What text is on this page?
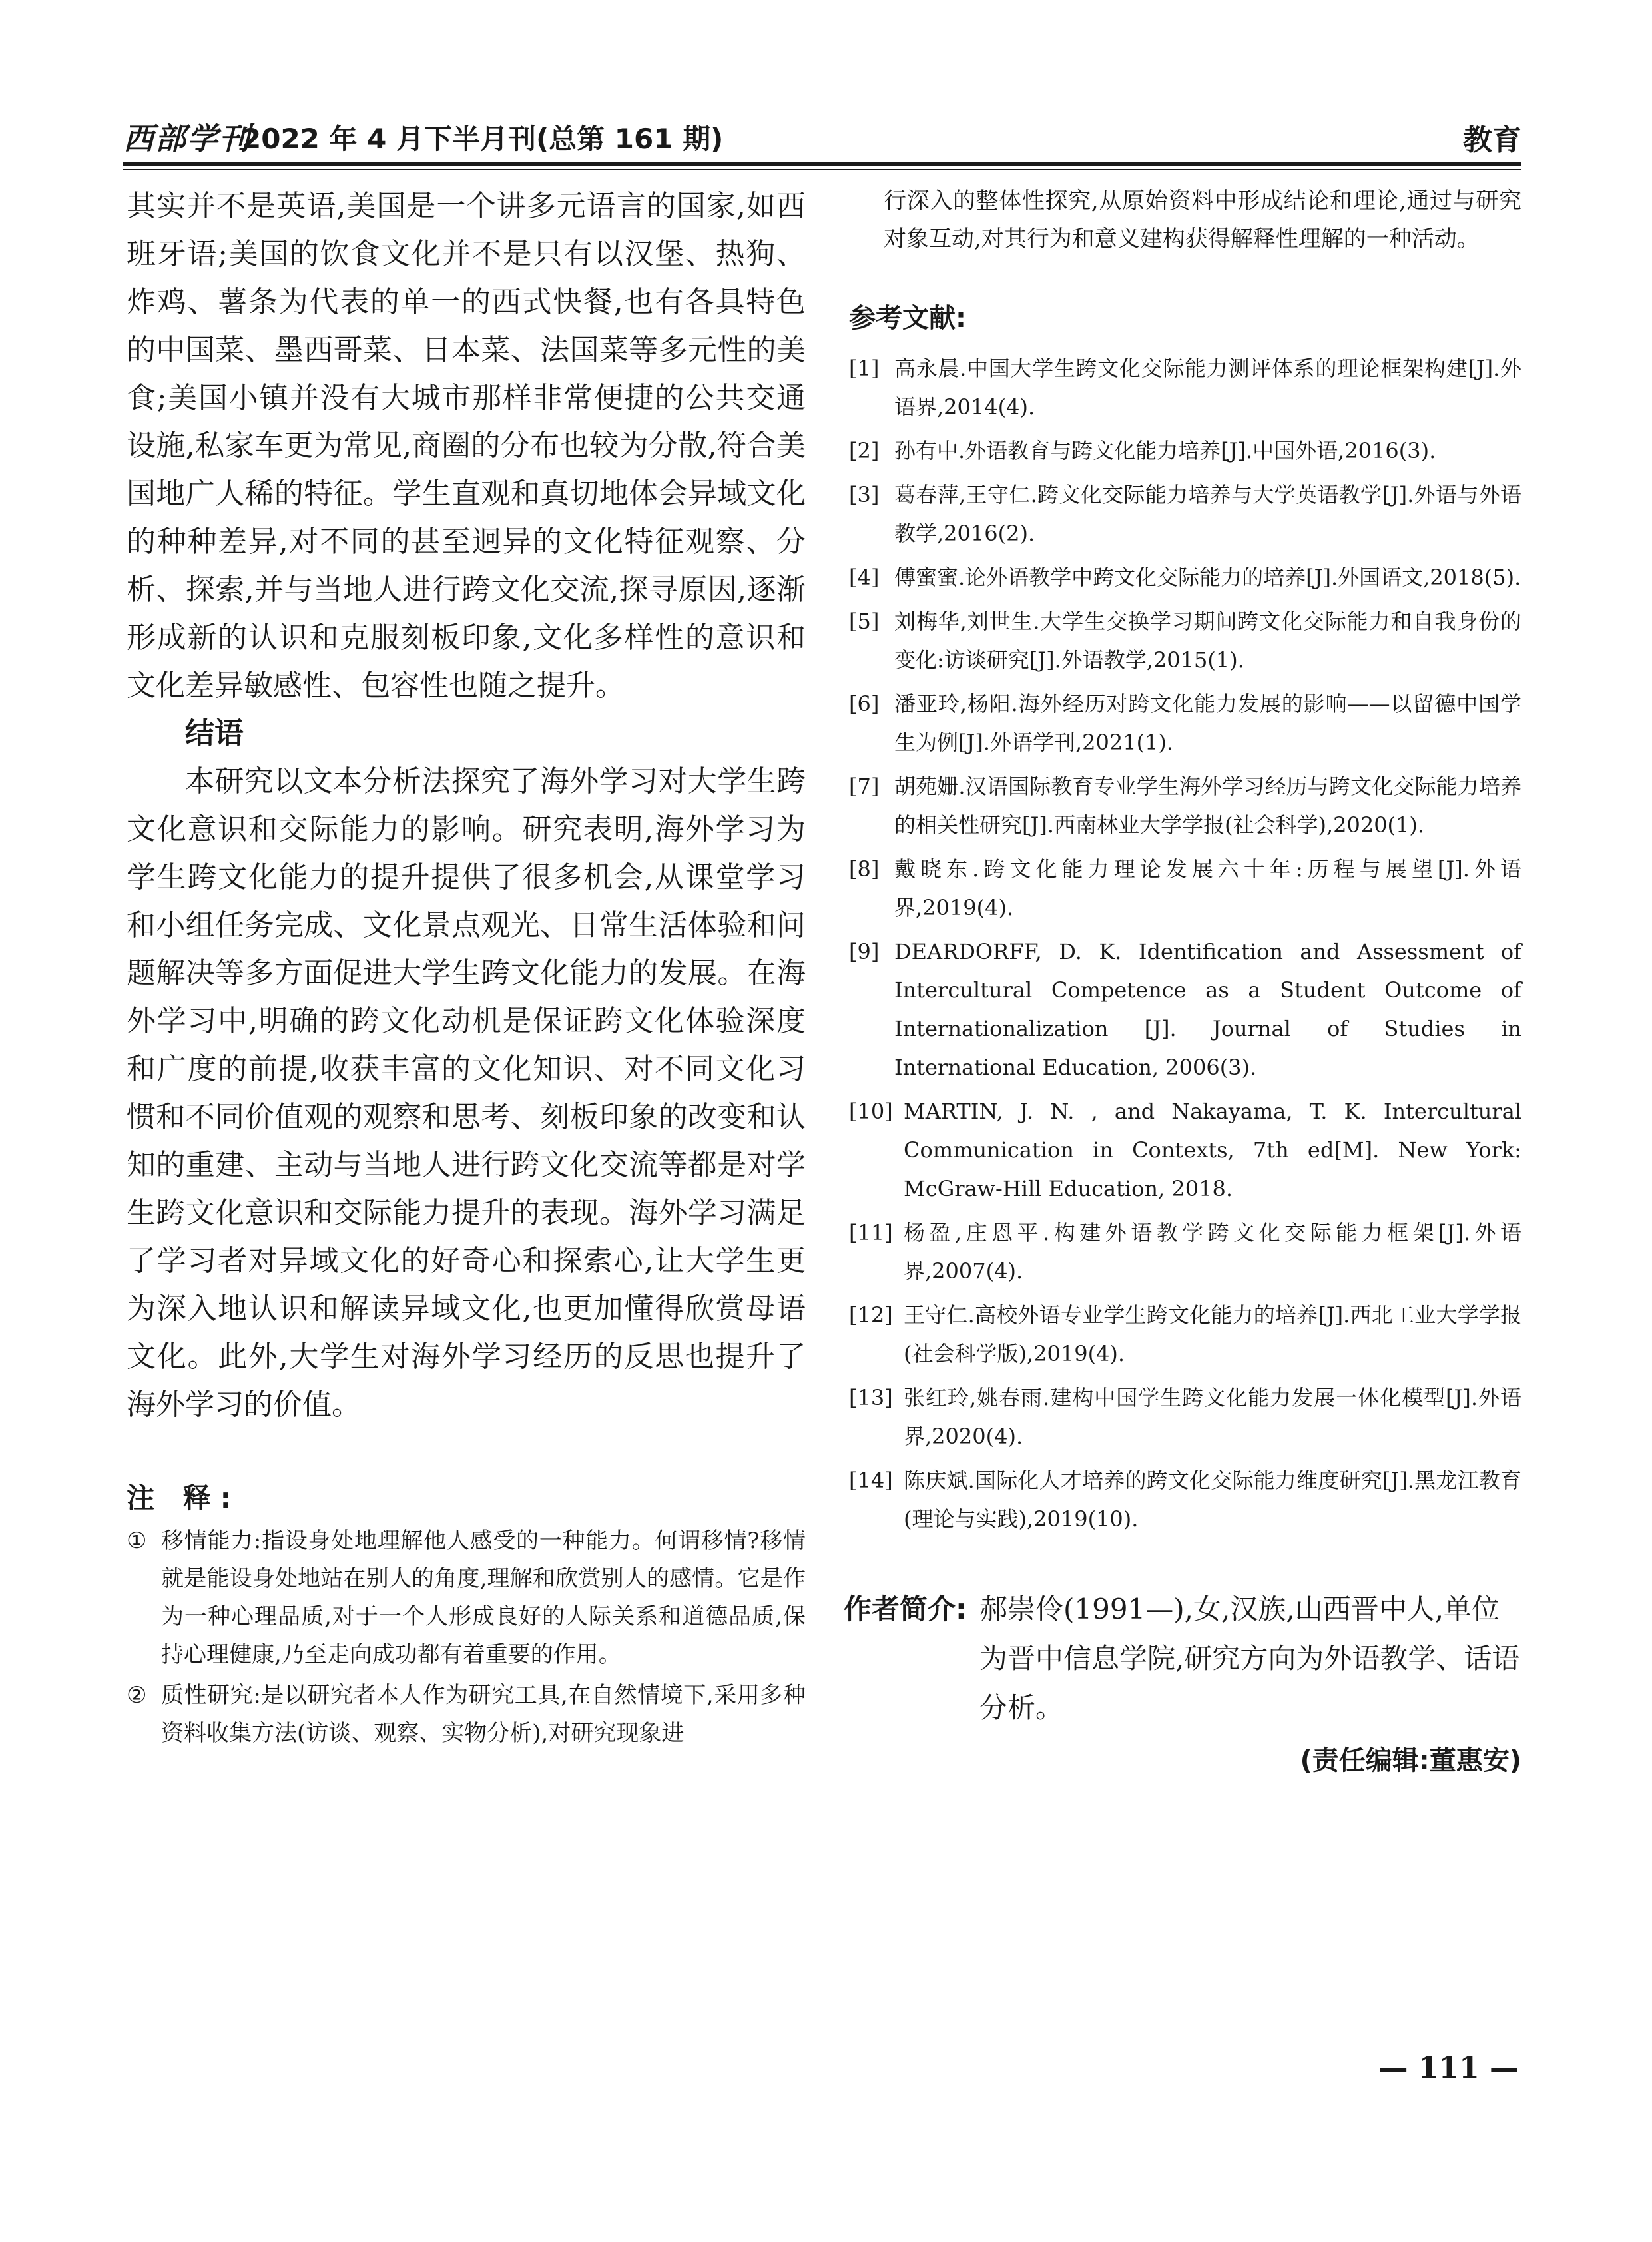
西部学刊
2022 年 4 月下半月刊(总第 161 期)	教育

其实并不是英语,美国是一个讲多元语言的国家,如西班牙语;美国的饮食文化并不是只有以汉堡、热狗、炸鸡、薯条为代表的单一的西式快餐,也有各具特色的中国菜、墨西哥菜、日本菜、法国菜等多元性的美食;美国小镇并没有大城市那样非常便捷的公共交通设施,私家车更为常见,商圈的分布也较为分散,符合美国地广人稀的特征。学生直观和真切地体会异域文化的种种差异,对不同的甚至迥异的文化特征观察、分析、探索,并与当地人进行跨文化交流,探寻原因,逐渐形成新的认识和克服刻板印象,文化多样性的意识和文化差异敏感性、包容性也随之提升。

结语

本研究以文本分析法探究了海外学习对大学生跨文化意识和交际能力的影响。研究表明,海外学习为学生跨文化能力的提升提供了很多机会,从课堂学习和小组任务完成、文化景点观光、日常生活体验和问题解决等多方面促进大学生跨文化能力的发展。在海外学习中,明确的跨文化动机是保证跨文化体验深度和广度的前提,收获丰富的文化知识、对不同文化习惯和不同价值观的观察和思考、刻板印象的改变和认知的重建、主动与当地人进行跨文化交流等都是对学生跨文化意识和交际能力提升的表现。海外学习满足了学习者对异域文化的好奇心和探索心,让大学生更为深入地认识和解读异域文化,也更加懂得欣赏母语文化。此外,大学生对海外学习经历的反思也提升了海外学习的价值。

注 释:
① 移情能力:指设身处地理解他人感受的一种能力。何谓移情?移情就是能设身处地站在别人的角度,理解和欣赏别人的感情。它是作为一种心理品质,对于一个人形成良好的人际关系和道德品质,保持心理健康,乃至走向成功都有着重要的作用。
② 质性研究:是以研究者本人作为研究工具,在自然情境下,采用多种资料收集方法(访谈、观察、实物分析),对研究现象进
行深入的整体性探究,从原始资料中形成结论和理论,通过与研究对象互动,对其行为和意义建构获得解释性理解的一种活动。
参考文献:
[1] 高永晨.中国大学生跨文化交际能力测评体系的理论框架构建[J].外语界,2014(4).
[2] 孙有中.外语教育与跨文化能力培养[J].中国外语,2016(3).
[3] 葛春萍,王守仁.跨文化交际能力培养与大学英语教学[J].外语与外语教学,2016(2).
[4] 傅蜜蜜.论外语教学中跨文化交际能力的培养[J].外国语文,2018(5).
[5] 刘梅华,刘世生.大学生交换学习期间跨文化交际能力和自我身份的变化:访谈研究[J].外语教学,2015(1).
[6] 潘亚玲,杨阳.海外经历对跨文化能力发展的影响——以留德中国学生为例[J].外语学刊,2021(1).
[7] 胡苑姗.汉语国际教育专业学生海外学习经历与跨文化交际能力培养的相关性研究[J].西南林业大学学报(社会科学),2020(1).
[8] 戴晓东.跨文化能力理论发展六十年:历程与展望[J].外语界,2019(4).
[9] DEARDORFF, D. K. Identification and Assessment of Intercultural Competence as a Student Outcome of Internationalization [J]. Journal of Studies in International Education, 2006(3).
[10] MARTIN, J. N. , and Nakayama, T. K. Intercultural Communication in Contexts, 7th ed[M]. New York: McGraw-Hill Education, 2018.
[11] 杨盈,庄恩平.构建外语教学跨文化交际能力框架[J].外语界,2007(4).
[12] 王守仁.高校外语专业学生跨文化能力的培养[J].西北工业大学学报(社会科学版),2019(4).
[13] 张红玲,姚春雨.建构中国学生跨文化能力发展一体化模型[J].外语界,2020(4).
[14] 陈庆斌.国际化人才培养的跨文化交际能力维度研究[J].黑龙江教育(理论与实践),2019(10).
作者简介: 郝崇伶(1991—),女,汉族,山西晋中人,单位为晋中信息学院,研究方向为外语教学、话语分析。
(责任编辑:董惠安)
— 111 —
